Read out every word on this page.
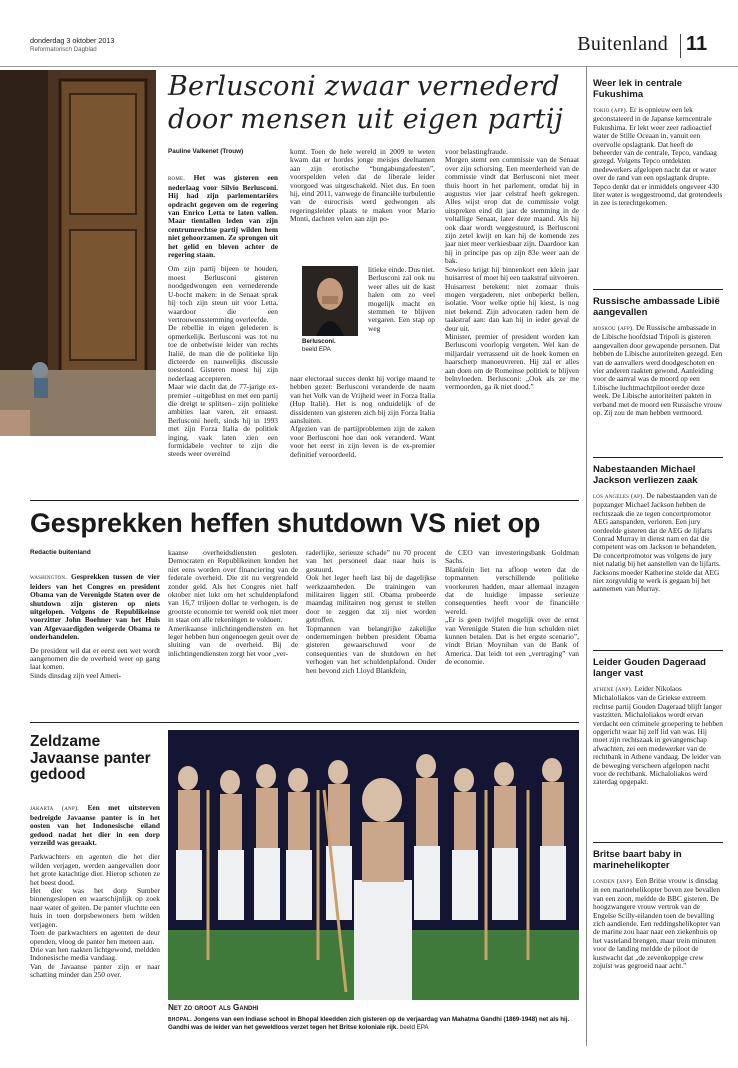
donderdag 3 oktober 2013
Reformatorisch Dagblad	Buitenland 11
Berlusconi zwaar vernederd
door mensen uit eigen partij
Pauline Valkenet (Trouw)

rome. Het was gisteren een nederlaag voor Silvio Berlusconi. Hij had zijn parlementariërs opdracht gegeven om de regering van Enrico Letta te laten vallen. Maar tientallen leden van zijn centrumrechtse partij wilden hem niet gehoorzamen. Ze sprongen uit het gelid en bleven achter de regering staan.

Om zijn partij bijeen te houden, moest Berlusconi gisteren noodgedwongen een vernederende U-bocht maken: in de Senaat sprak hij toch zijn steun uit voor Letta, waardoor die een vertrouwensstemming overleefde.
De rebellie in eigen gelederen is opmerkelijk. Berlusconi was tot nu toe de onbetwiste leider van rechts Italië, de man die de politieke lijn dicteerde en nauwelijks discussie toestond. Gisteren moest hij zijn nederlaag accepteren.
Maar wie dacht dat de 77-jarige ex-premier –uitgeblust en met een partij die dreigt te splitsen– zijn politieke ambities laat varen, zit ernaast. Berlusconi heeft, sinds hij in 1993 met zijn Forza Italia de politiek inging, vaak laten zien een formidabele vechter te zijn die steeds weer overeind

komt. Toen de hele wereld in 2009 te weten kwam dat er hordes jonge meisjes deelnamen aan zijn erotische “bungabungafeesten”, voorspelden velen dat de liberale leider voorgoed was uitgeschakeld. Niet dus. En toen hij, eind 2011, vanwege de financiële turbulentie van de eurocrisis werd gedwongen als regeringsleider plaats te maken voor Mario Monti, dachten velen aan zijn po-
Berlusconi.
beeld EPA
litieke einde. Dus niet.
Berlusconi zal ook nu weer alles uit de kast halen om zo veel mogelijk macht en stemmen te blijven vergaren. Een stap op weg
naar electoraal succes denkt hij vorige maand te hebben gezet: Berlusconi veranderde de naam van het Volk van de Vrijheid weer in Forza Italia (Hup Italië). Het is nog onduidelijk of de dissidenten van gisteren zich bij zijn Forza Italia aansluiten.
Afgezien van de partijproblemen zijn de zaken voor Berlusconi hoe dan ook veranderd. Want voor het eerst in zijn leven is de ex-premier definitief veroordeeld,
voor belastingfraude.
Morgen stemt een commissie van de Senaat over zijn schorsing. Een meerderheid van de commissie vindt dat Berlusconi niet meer thuis hoort in het parlement, omdat hij in augustus vier jaar celstraf heeft gekregen. Alles wijst erop dat de commissie volgt uitspreken eind dit jaar de stemming in de voltallige Senaat, later deze maand. Als hij ook daar wordt weggestuurd, is Berlusconi zijn zetel kwijt en kan hij de komende zes jaar niet meer verkiesbaar zijn. Daardoor kan hij in principe pas op zijn 83e weer aan de bak.
Sowieso krijgt hij binnenkort een klein jaar huisarrest of moet hij een taakstraf uitvoeren. Huisarrest betekent: niet zomaar thuis mogen vergaderen, niet onbeperkt bellen, isolatie. Voor welke optie hij kiest, is nog niet bekend. Zijn advocaten raden hem de taakstraf aan: dan kan hij in ieder geval de deur uit.
Minister, premier of president worden kan Berlusconi voorlopig vergeten. Wel kan de miljardair verrassend uit de hoek komen en haarscherp manoeuvreren. Hij zal er alles aan doen om de Romeinse politiek te blijven beïnvloeden. Berlusconi: „Ook als ze me vermoorden, ga ik niet dood.”
Gesprekken heffen shutdown VS niet op
Redactie buitenland

washington. Gesprekken tussen de vier leiders van het Congres en president Obama van de Verenigde Staten over de shutdown zijn gisteren op niets uitgelopen. Volgens de Republikeinse voorzitter John Boehner van het Huis van Afgevaardigden weigerde Obama te onderhandelen.

De president wil dat er eerst een wet wordt aangenomen die de overheid weer op gang laat komen.
Sinds dinsdag zijn veel Ameri-

kaanse overheidsdiensten gesloten. Democraten en Republikeinen konden het niet eens worden over financiering van de federale overheid. Die zit nu vergrendeld zonder geld. Als het Congres niet half oktober niet lukt om het schuldenplafond van 16,7 triljoen dollar te verhogen, is de grootste economie ter wereld ook niet meer in staat om alle rekeningen te voldoen.
Amerikaanse inlichtingendiensten en het leger hebben hun ongenoegen geuit over de sluiting van de overheid. Bij de inlichtingendiensten zorgt het voor „ver-
raderlijke, serieuze schade” nu 70 procent van het personeel daar naar huis is gestuurd.
Ook het leger heeft last bij de dagelijkse werkzaamheden. De trainingen van militairen liggen stil. Obama probeerde maandag militairen nog gerust te stellen door te zeggen dat zij niet worden getroffen.
Topmannen van belangrijke zakelijke ondernemingen hebben president Obama gisteren gewaarschuwd voor de consequenties van de shutdown en het verhogen van het schuldenplafond. Onder hen bevond zich Lloyd Blankfein,
de CEO van investeringsbank Goldman Sachs.
Blankfein liet na afloop weten dat de topmannen verschillende politieke voorkeuren hadden, maar allemaal inzagen dat de huidige impasse serieuze consequenties heeft voor de financiële wereld.
„Er is geen twijfel mogelijk over de ernst van Verenigde Staten die hun schulden niet kunnen betalen. Dat is het ergste scenario”, vindt Brian Moynihan van de Bank of America. Dat leidt tot een „vertraging” van de economie.
Zeldzame Javaanse panter gedood

jakarta (anp). Een met uitsterven bedreigde Javaanse panter is in het oosten van het Indonesische eiland gedood nadat het dier in een dorp verzeild was geraakt.

Parkwachters en agenten die het dier wilden verjagen, werden aangevallen door het grote katachtige dier. Hierop schoten ze het beest dood.
Het dier was het dorp Sumber binnengeslopen en waarschijnlijk op zoek naar water of geiten. De panter vluchtte een huis in toen dorpsbewoners hem wilden verjagen.
Toen de parkwachters en agenten de deur openden, vloog de panter hen meteen aan.
Drie van hen raakten lichtgewond, meldden Indonesische media vandaag.
Van de Javaanse panter zijn er naar schatting minder dan 250 over.

Net zo groot als Gandhi
bhopal. Jongens van een Indiase school in Bhopal kleedden zich gisteren op de verjaardag van Mahatma Gandhi (1869-1948) net als hij. Gandhi was de leider van het geweldloos verzet tegen het Britse koloniale rijk. beeld EPA
Weer lek in centrale Fukushima
tokio (afp). Er is opnieuw een lek geconstateerd in de Japanse kerncentrale Fukushima. Er lekt weer zeer radioactief water de Stille Oceaan in, vanuit een overvolle opslagtank. Dat heeft de beheerder van de centrale, Tepco, vandaag gezegd. Volgens Tepco ontdekten medewerkers afgelopen nacht dat er water over de rand van een opslagtank drupte. Tepco denkt dat er inmiddels ongeveer 430 liter water is weggestroomd, dat grotendeels in zee is terechtgekomen.
Russische ambassade Libië aangevallen
moskou (afp). De Russische ambassade in de Libische hoofdstad Tripoli is gisteren aangevallen door gewapende personen. Dat hebben de Libische autoriteiten gezegd. Een van de aanvallers werd doodgeschoten en vier anderen raakten gewond. Aanleiding voor de aanval was de moord op een Libische luchtmachtpiloot eerder deze week. De Libische autoriteiten pakten in verband met de moord een Russische vrouw op. Zij zou de man hebben vermoord.
Nabestaanden Michael Jackson verliezen zaak
los angeles (ap). De nabestaanden van de popzanger Michael Jackson hebben de rechtszaak die ze tegen concertpromotor AEG aanspanden, verloren. Een jury oordeelde gisteren dat de AEG de lijfarts Conrad Murray in dienst nam en dat die competent was om Jackson te behandelen. De concertpromotor was volgens de jury niet nalatig bij het aanstellen van de lijfarts. Jacksons moeder Katherine stelde dat AEG niet zorgvuldig te werk is gegaan bij het aannemen van Murray.
Leider Gouden Dageraad langer vast
athene (anp). Leider Nikolaos Michaloliakos van de Griekse extreem rechtse partij Gouden Dageraad blijft langer vastzitten. Michaloliakos wordt ervan verdacht een criminele groepering te hebben opgericht waar hij zelf lid van was. Hij moet zijn rechtszaak in gevangenschap afwachten, zei een medewerker van de rechtbank in Athene vandaag. De leider van de beweging verscheen afgelopen nacht voor de rechtbank. Michaloliakos werd zaterdag opgepakt.
Britse baart baby in marinehelikopter
londen (anp). Een Britse vrouw is dinsdag in een marinehelikopter boven zee bevallen van een zoon, meldde de BBC gisteren. De hoogzwangere vrouw vertrok van de Engelse Scilly-eilanden toen de bevalling zich aandiende. Een reddingshelikopter van de marine zou haar naar een ziekenhuis op het vasteland brengen, maar trein minuten voor de landing meldde de piloot de kustwacht dat „de zevenkoppige crew zojuist was gegroeid naar acht.”
